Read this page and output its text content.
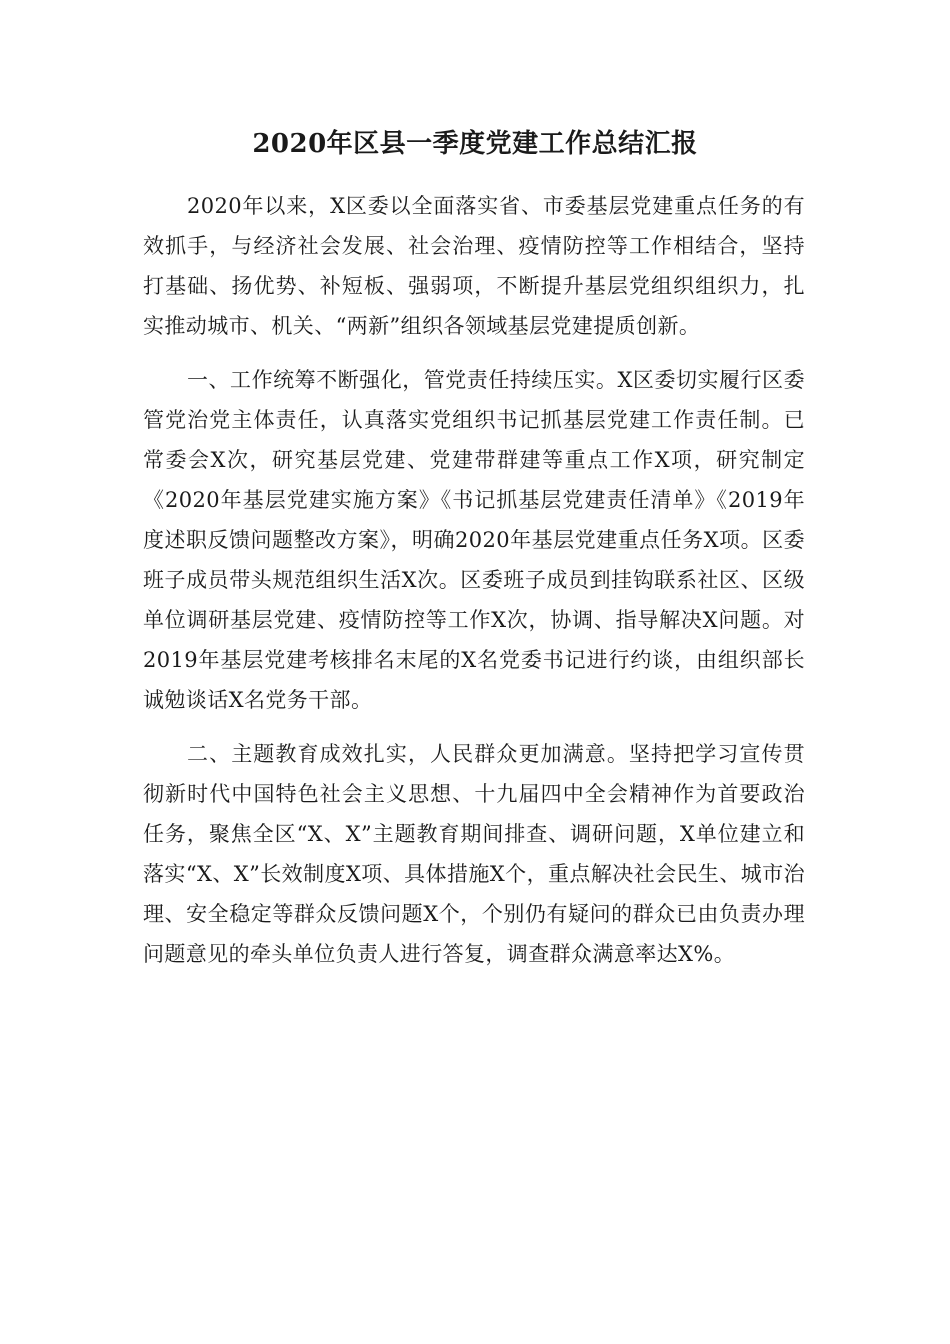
2020年区县一季度党建工作总结汇报

2020年以来，X区委以全面落实省、市委基层党建重点任务的有效抓手，与经济社会发展、社会治理、疫情防控等工作相结合，坚持打基础、扬优势、补短板、强弱项，不断提升基层党组织组织力，扎实推动城市、机关、“两新”组织各领域基层党建提质创新。

一、工作统筹不断强化，管党责任持续压实。X区委切实履行区委管党治党主体责任，认真落实党组织书记抓基层党建工作责任制。已常委会X次，研究基层党建、党建带群建等重点工作X项，研究制定《2020年基层党建实施方案》《书记抓基层党建责任清单》《2019年度述职反馈问题整改方案》，明确2020年基层党建重点任务X项。区委班子成员带头规范组织生活X次。区委班子成员到挂钩联系社区、区级单位调研基层党建、疫情防控等工作X次，协调、指导解决X问题。对2019年基层党建考核排名末尾的X名党委书记进行约谈，由组织部长诚勉谈话X名党务干部。

二、主题教育成效扎实，人民群众更加满意。坚持把学习宣传贯彻新时代中国特色社会主义思想、十九届四中全会精神作为首要政治任务，聚焦全区“X、X”主题教育期间排查、调研问题，X单位建立和落实“X、X”长效制度X项、具体措施X个，重点解决社会民生、城市治理、安全稳定等群众反馈问题X个，个别仍有疑问的群众已由负责办理问题意见的牵头单位负责人进行答复，调查群众满意率达X%。
